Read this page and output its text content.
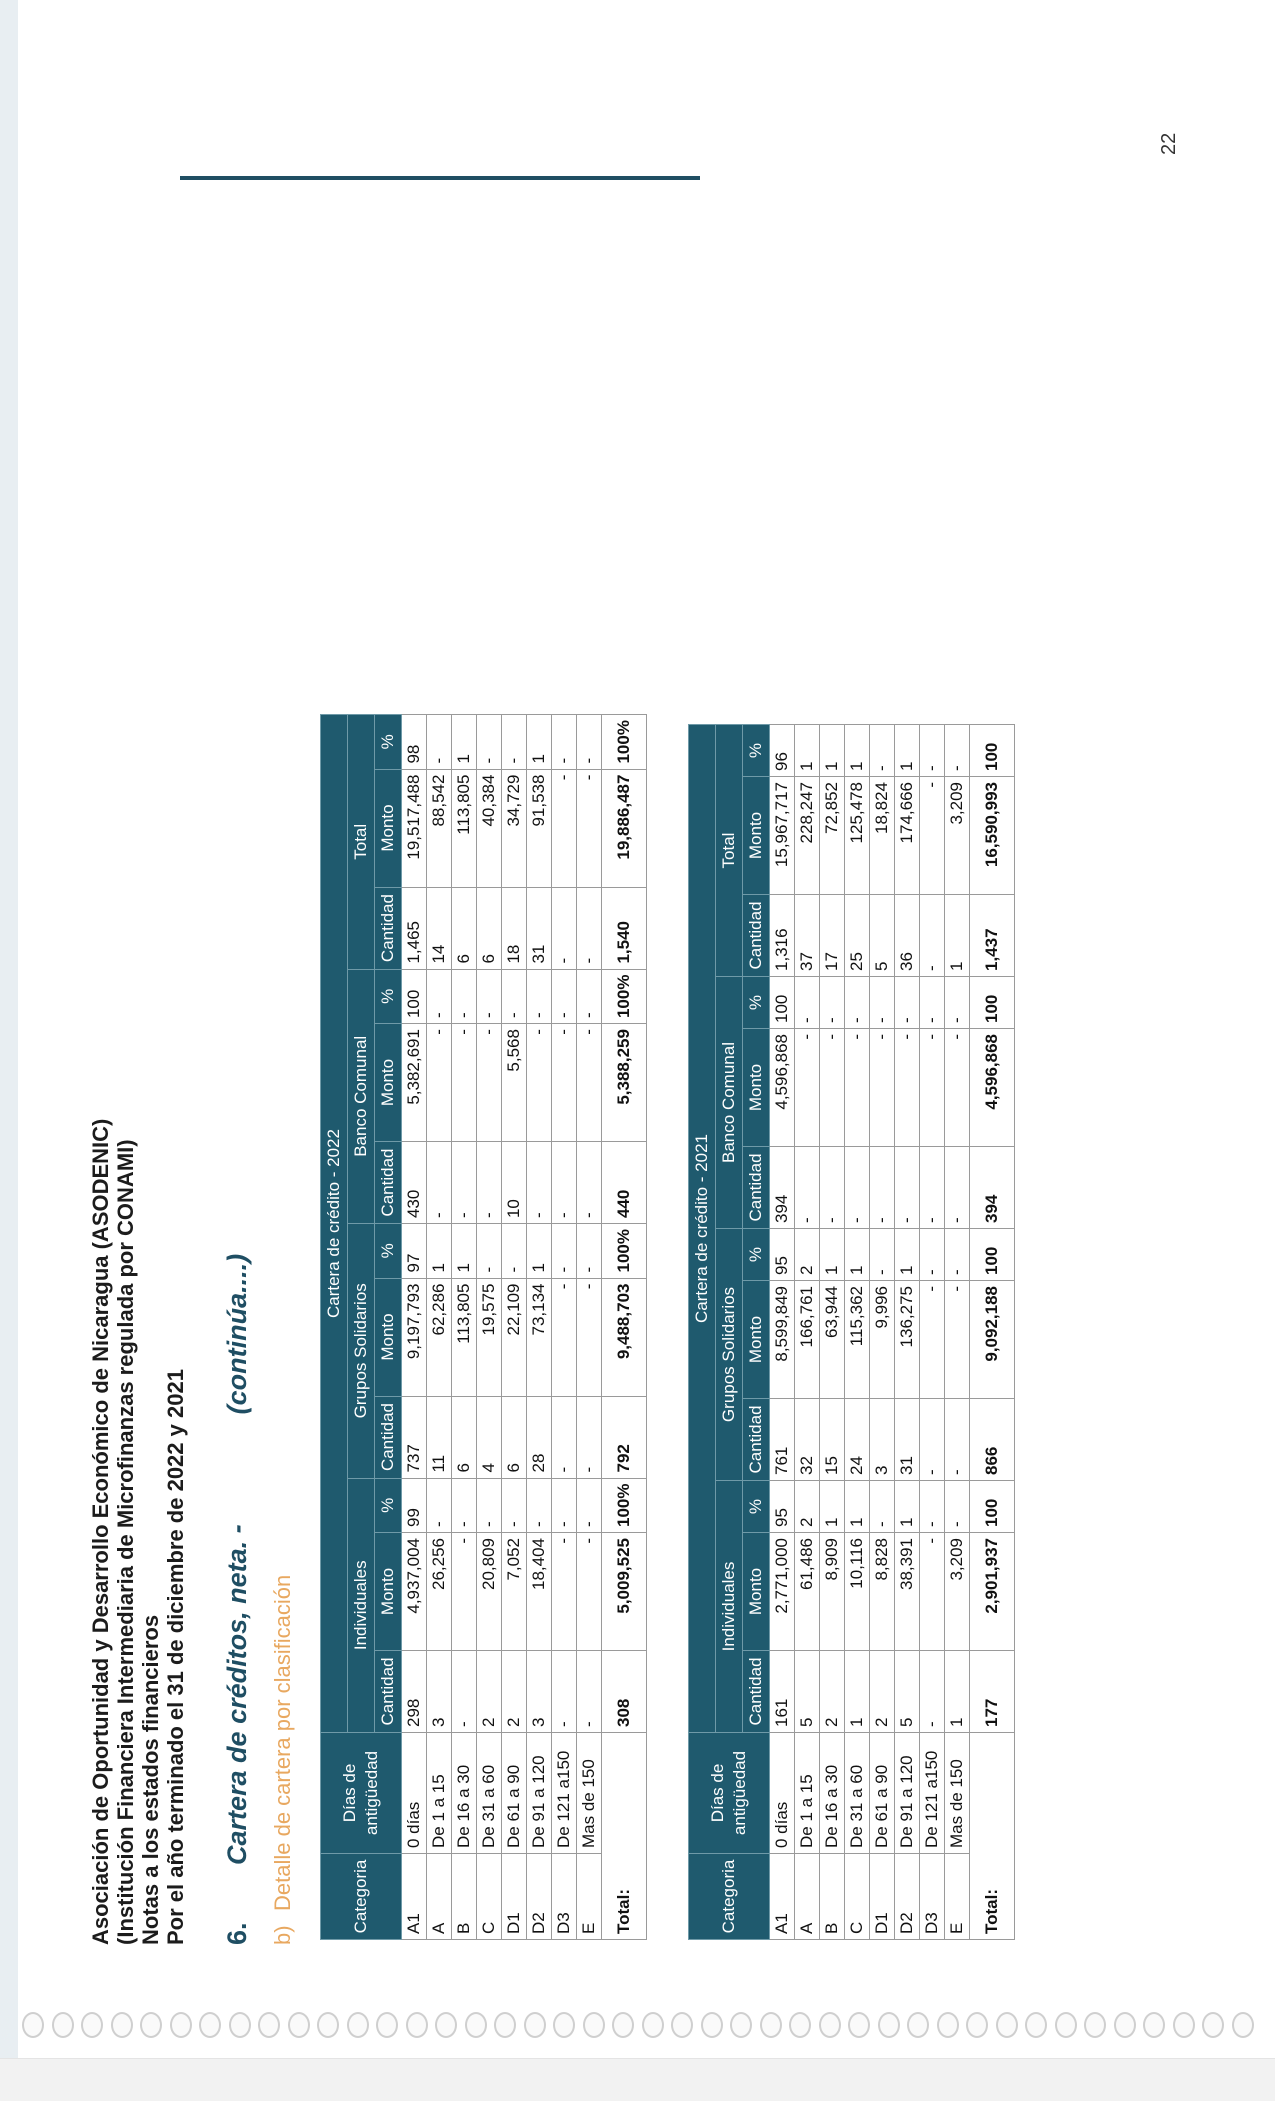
Asociación de Oportunidad y Desarrollo Económico de Nicaragua (ASODENIC) (Institución Financiera Intermediaria de Microfinanzas regulada por CONAMI) Notas a los estados financieros Por el año terminado el 31 de diciembre de 2022 y 2021 6.Cartera de créditos, neta. -(continúa....)
b)Detalle de cartera por clasificación
22
Categoria	Días de antigüedad	Cartera de crédito - 2022											
		Individuales			Grupos Solidarios			Banco Comunal			Total		
		Cantidad	Monto	%	Cantidad	Monto	%	Cantidad	Monto	%	Cantidad	Monto	%
A1	0 días	298	4,937,004	99	737	9,197,793	97	430	5,382,691	100	1,465	19,517,488	98
A	De 1 a 15	3	26,256	-	11	62,286	1	-	-	-	14	88,542	-
B	De 16 a 30	-	-	-	6	113,805	1	-	-	-	6	113,805	1
C	De 31 a 60	2	20,809	-	4	19,575	-	-	-	-	6	40,384	-
D1	De 61 a 90	2	7,052	-	6	22,109	-	10	5,568	-	18	34,729	-
D2	De 91 a 120	3	18,404	-	28	73,134	1	-	-	-	31	91,538	1
D3	De 121 a150	-	-	-	-	-	-	-	-	-	-	-	-
E	Mas de 150	-	-	-	-	-	-	-	-	-	-	-	-
Total:		308	5,009,525	100%	792	9,488,703	100%	440	5,388,259	100%	1,540	19,886,487	100%
Categoria	Días de antigüedad	Cartera de crédito - 2021											
		Individuales			Grupos Solidarios			Banco Comunal			Total		
		Cantidad	Monto	%	Cantidad	Monto	%	Cantidad	Monto	%	Cantidad	Monto	%
A1	0 días	161	2,771,000	95	761	8,599,849	95	394	4,596,868	100	1,316	15,967,717	96
A	De 1 a 15	5	61,486	2	32	166,761	2	-	-	-	37	228,247	1
B	De 16 a 30	2	8,909	1	15	63,944	1	-	-	-	17	72,852	1
C	De 31 a 60	1	10,116	1	24	115,362	1	-	-	-	25	125,478	1
D1	De 61 a 90	2	8,828	-	3	9,996	-	-	-	-	5	18,824	-
D2	De 91 a 120	5	38,391	1	31	136,275	1	-	-	-	36	174,666	1
D3	De 121 a150	-	-	-	-	-	-	-	-	-	-	-	-
E	Mas de 150	1	3,209	-	-	-	-	-	-	-	1	3,209	-
Total:		177	2,901,937	100	866	9,092,188	100	394	4,596,868	100	1,437	16,590,993	100
